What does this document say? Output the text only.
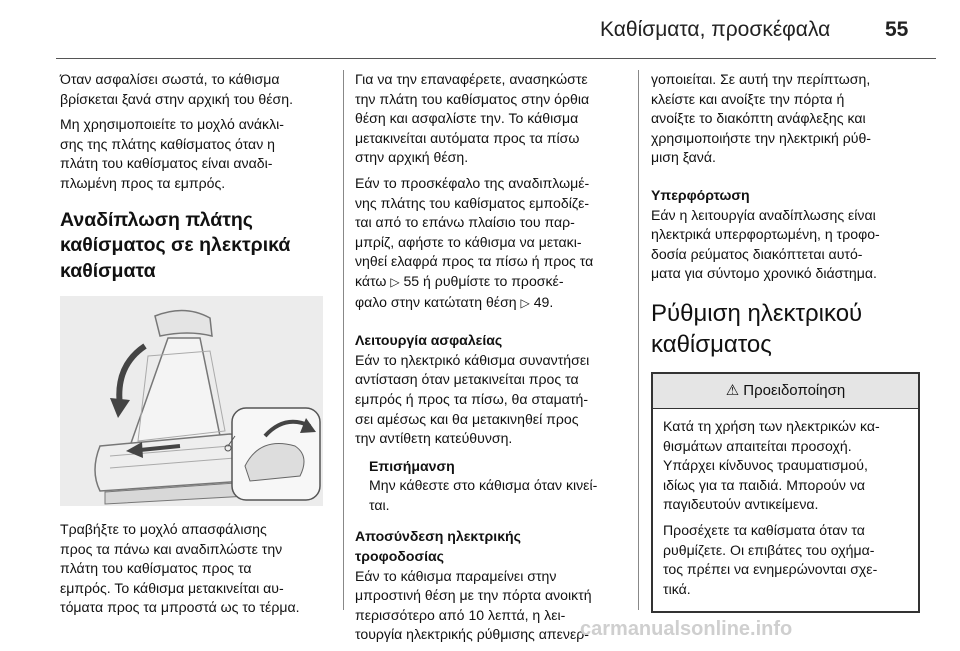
Καθίσματα, προσκέφαλα	55
Όταν ασφαλίσει σωστά, το κάθισμα
βρίσκεται ξανά στην αρχική του θέση.
Μη χρησιμοποιείτε το μοχλό ανάκλι-
σης της πλάτης καθίσματος όταν η
πλάτη του καθίσματος είναι αναδι-
πλωμένη προς τα εμπρός.
Αναδίπλωση πλάτης
καθίσματος σε ηλεκτρικά
καθίσματα
Τραβήξτε το μοχλό απασφάλισης
προς τα πάνω και αναδιπλώστε την
πλάτη του καθίσματος προς τα
εμπρός. Το κάθισμα μετακινείται αυ-
τόματα προς τα μπροστά ως το τέρμα.
Για να την επαναφέρετε, ανασηκώστε
την πλάτη του καθίσματος στην όρθια
θέση και ασφαλίστε την. Το κάθισμα
μετακινείται αυτόματα προς τα πίσω
στην αρχική θέση.
Εάν το προσκέφαλο της αναδιπλωμέ-
νης πλάτης του καθίσματος εμποδίζε-
ται από το επάνω πλαίσιο του παρ-
μπρίζ, αφήστε το κάθισμα να μετακι-
νηθεί ελαφρά προς τα πίσω ή προς τα
κάτω ▷ 55 ή ρυθμίστε το προσκέ-
φαλο στην κατώτατη θέση ▷ 49.
Λειτουργία ασφαλείας
Εάν το ηλεκτρικό κάθισμα συναντήσει
αντίσταση όταν μετακινείται προς τα
εμπρός ή προς τα πίσω, θα σταματή-
σει αμέσως και θα μετακινηθεί προς
την αντίθετη κατεύθυνση.
Επισήμανση
Μην κάθεστε στο κάθισμα όταν κινεί-
ται.
Αποσύνδεση ηλεκτρικής
τροφοδοσίας
Εάν το κάθισμα παραμείνει στην
μπροστινή θέση με την πόρτα ανοικτή
περισσότερο από 10 λεπτά, η λει-
τουργία ηλεκτρικής ρύθμισης απενερ-
γοποιείται. Σε αυτή την περίπτωση,
κλείστε και ανοίξτε την πόρτα ή
ανοίξτε το διακόπτη ανάφλεξης και
χρησιμοποιήστε την ηλεκτρική ρύθ-
μιση ξανά.
Υπερφόρτωση
Εάν η λειτουργία αναδίπλωσης είναι
ηλεκτρικά υπερφορτωμένη, η τροφο-
δοσία ρεύματος διακόπτεται αυτό-
ματα για σύντομο χρονικό διάστημα.
Ρύθμιση ηλεκτρικού
καθίσματος
⚠ Προειδοποίηση
Κατά τη χρήση των ηλεκτρικών κα-
θισμάτων απαιτείται προσοχή.
Υπάρχει κίνδυνος τραυματισμού,
ιδίως για τα παιδιά. Μπορούν να
παγιδευτούν αντικείμενα.
Προσέχετε τα καθίσματα όταν τα
ρυθμίζετε. Οι επιβάτες του οχήμα-
τος πρέπει να ενημερώνονται σχε-
τικά.
carmanualsonline.info
